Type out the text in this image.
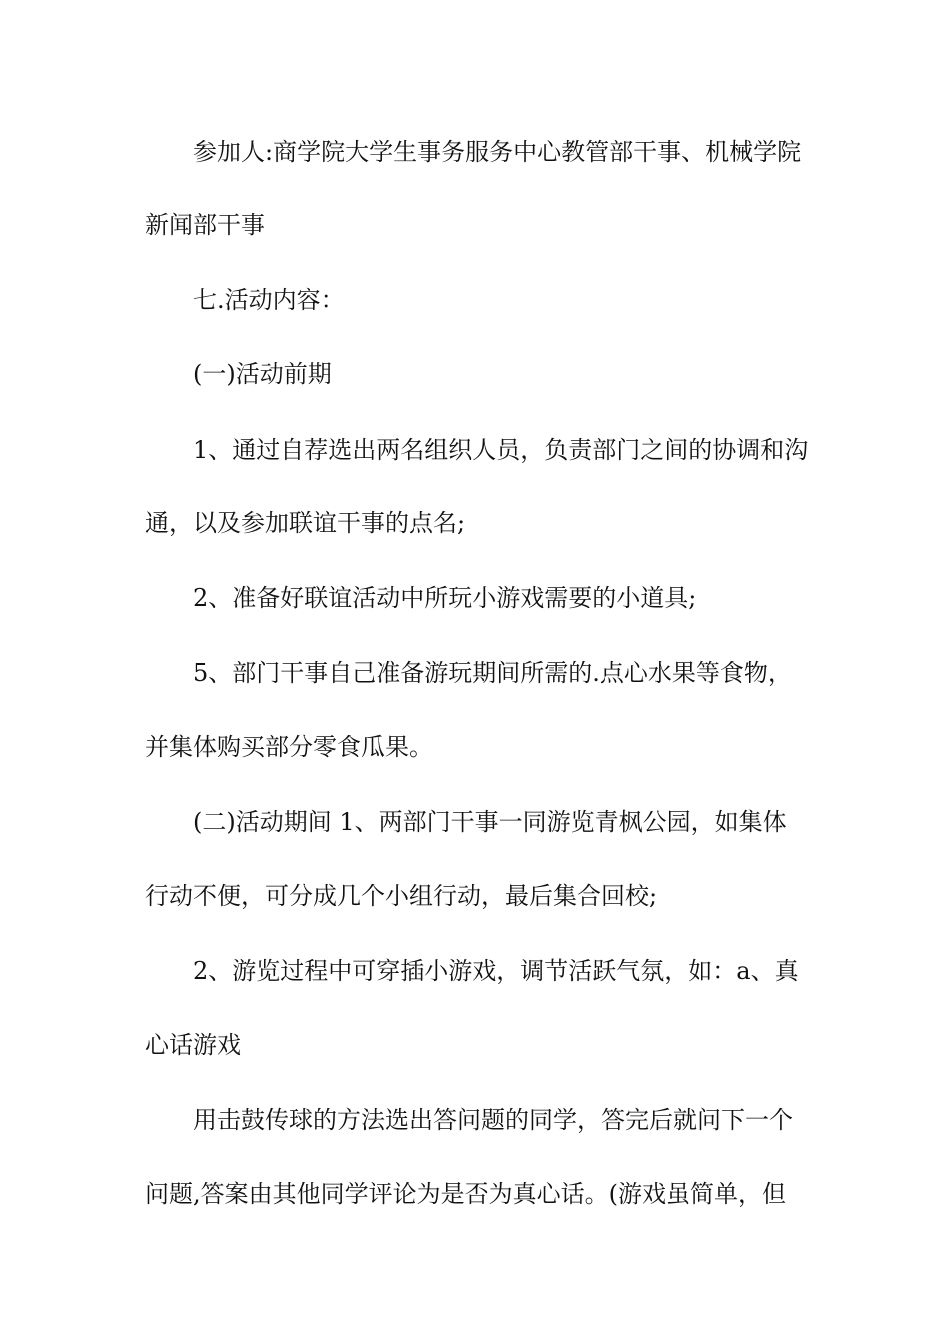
参加人:商学院大学生事务服务中心教管部干事、机械学院
新闻部干事
七.活动内容：
(一)活动前期
1、通过自荐选出两名组织人员，负责部门之间的协调和沟
通，以及参加联谊干事的点名;
2、准备好联谊活动中所玩小游戏需要的小道具;
5、部门干事自己准备游玩期间所需的.点心水果等食物，
并集体购买部分零食瓜果。
(二)活动期间 1、两部门干事一同游览青枫公园，如集体
行动不便，可分成几个小组行动，最后集合回校;
2、游览过程中可穿插小游戏，调节活跃气氛，如：a、真
心话游戏
用击鼓传球的方法选出答问题的同学，答完后就问下一个
问题,答案由其他同学评论为是否为真心话。(游戏虽简单，但
